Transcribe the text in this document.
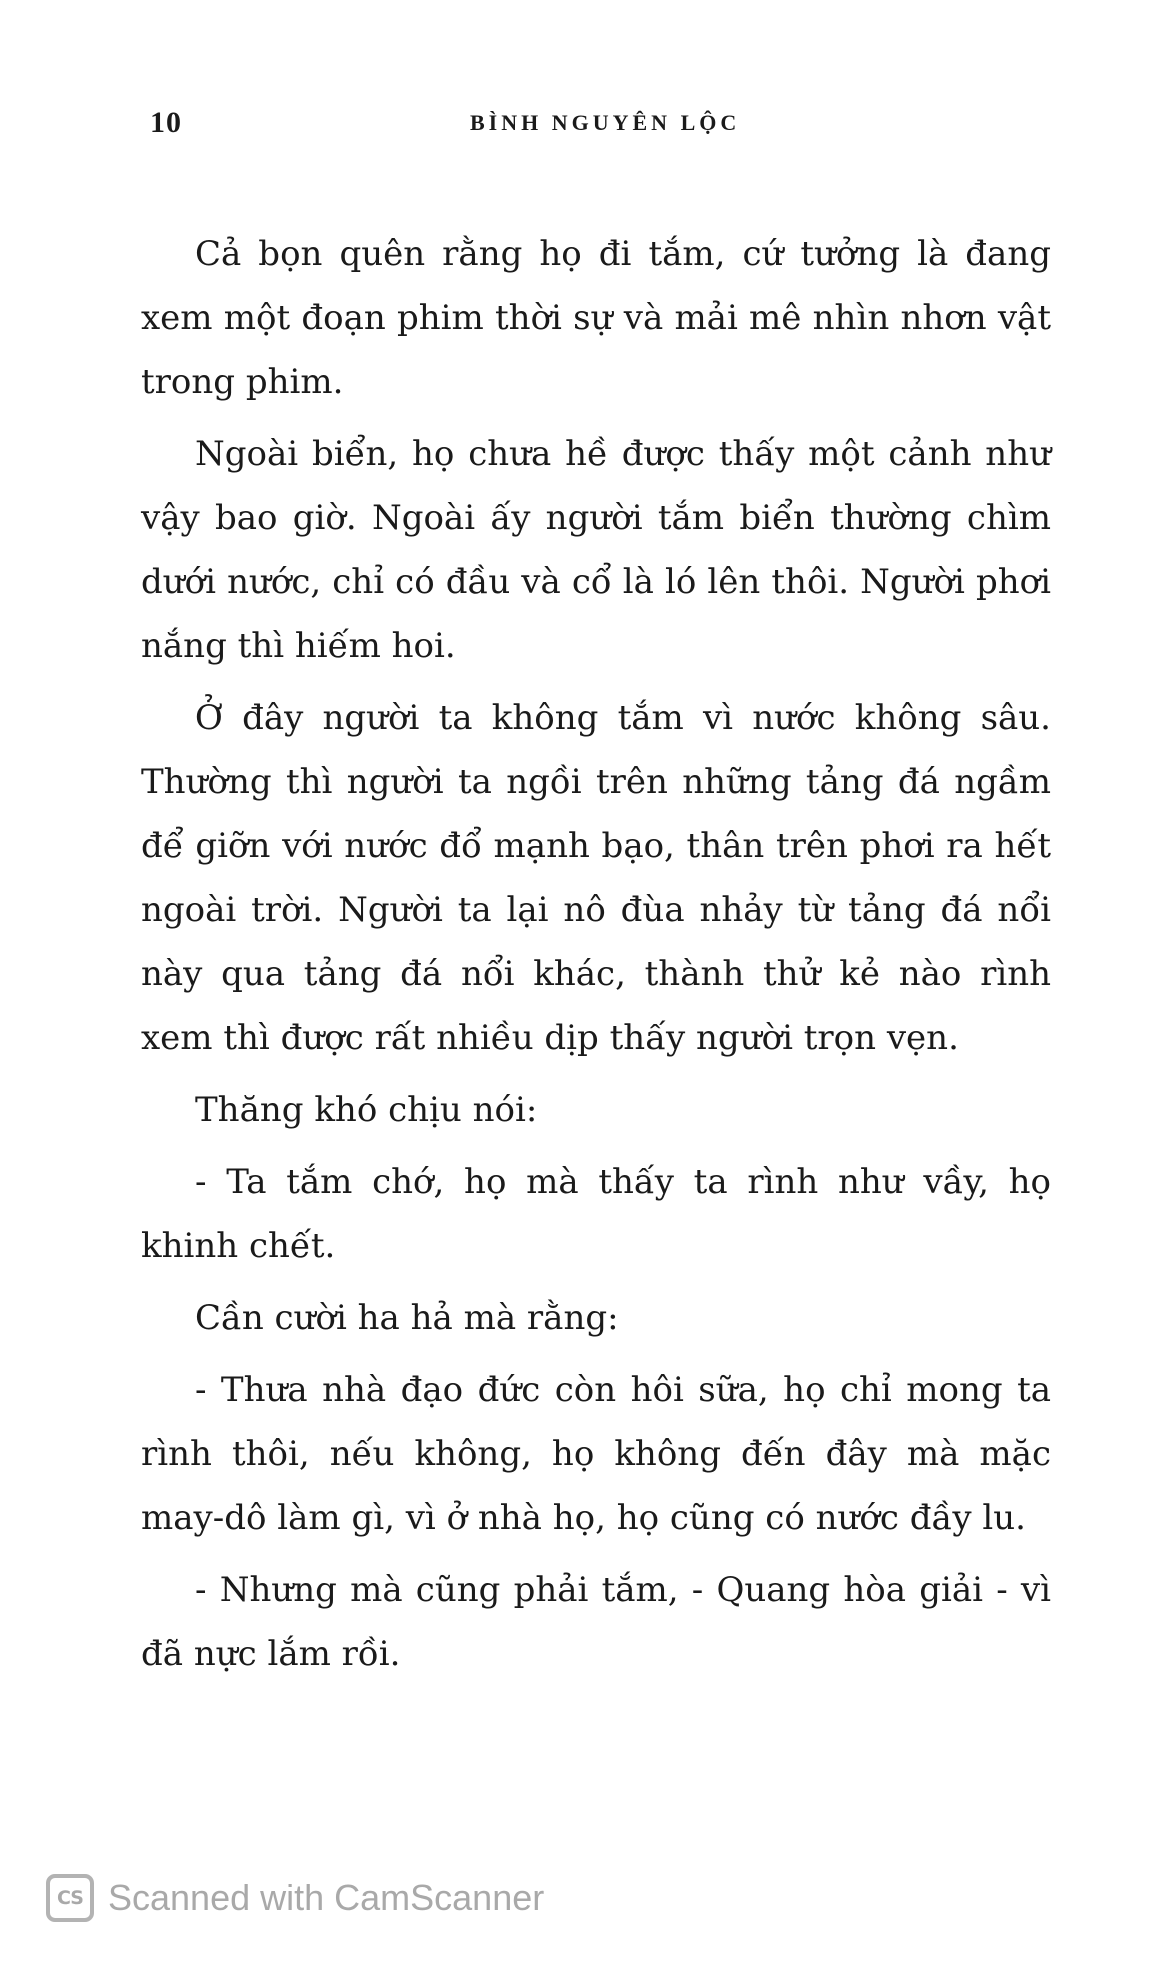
10	BÌNH NGUYÊN LỘC

Cả bọn quên rằng họ đi tắm, cứ tưởng là đang xem một đoạn phim thời sự và mải mê nhìn nhơn vật trong phim.

Ngoài biển, họ chưa hề được thấy một cảnh như vậy bao giờ. Ngoài ấy người tắm biển thường chìm dưới nước, chỉ có đầu và cổ là ló lên thôi. Người phơi nắng thì hiếm hoi.

Ở đây người ta không tắm vì nước không sâu. Thường thì người ta ngồi trên những tảng đá ngầm để giỡn với nước đổ mạnh bạo, thân trên phơi ra hết ngoài trời. Người ta lại nô đùa nhảy từ tảng đá nổi này qua tảng đá nổi khác, thành thử kẻ nào rình xem thì được rất nhiều dịp thấy người trọn vẹn.

Thăng khó chịu nói:

- Ta tắm chớ, họ mà thấy ta rình như vầy, họ khinh chết.

Cần cười ha hả mà rằng:

- Thưa nhà đạo đức còn hôi sữa, họ chỉ mong ta rình thôi, nếu không, họ không đến đây mà mặc may-dô làm gì, vì ở nhà họ, họ cũng có nước đầy lu.

- Nhưng mà cũng phải tắm, - Quang hòa giải - vì đã nực lắm rồi.

CS Scanned with CamScanner
